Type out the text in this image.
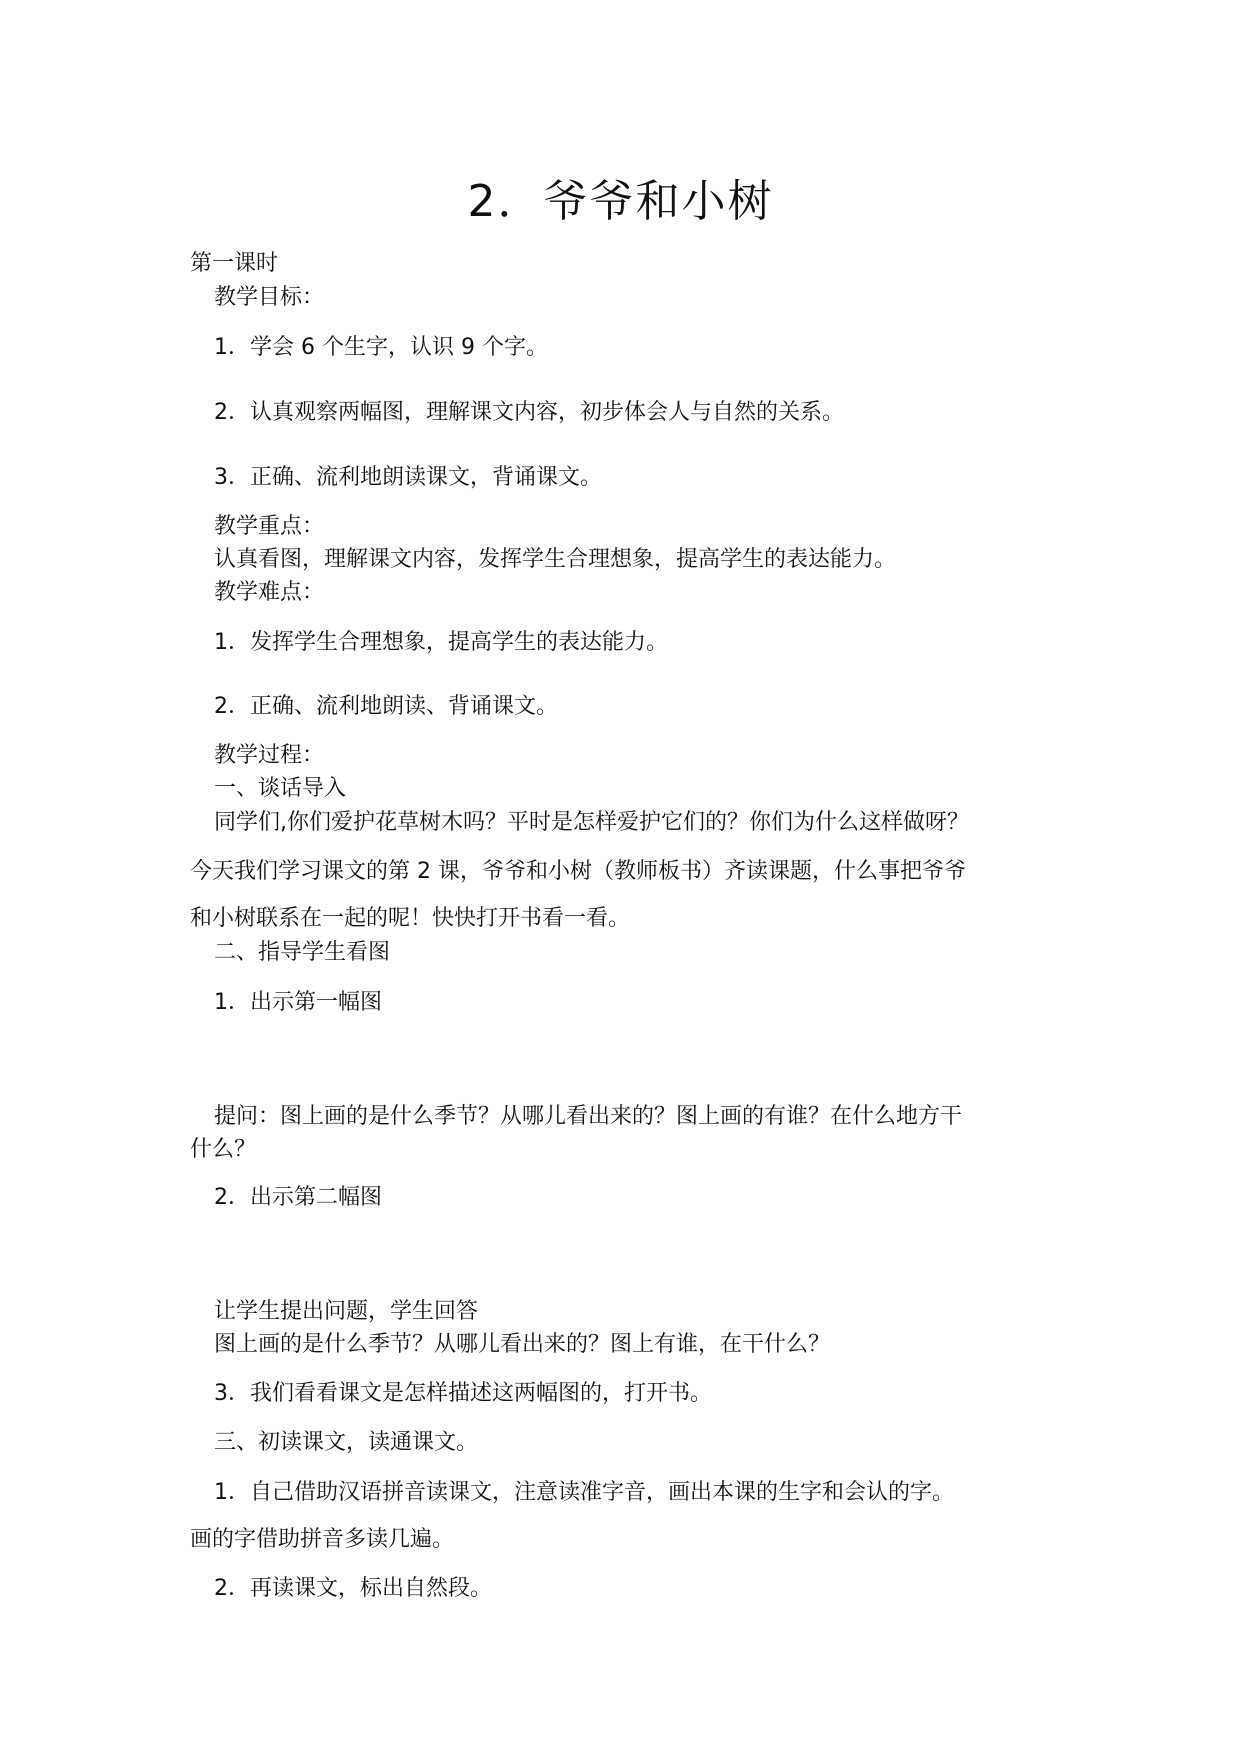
2．爷爷和小树
第一课时
教学目标：
1．学会 6 个生字，认识 9 个字。
2．认真观察两幅图，理解课文内容，初步体会人与自然的关系。
3．正确、流利地朗读课文，背诵课文。
教学重点：
认真看图，理解课文内容，发挥学生合理想象，提高学生的表达能力。
教学难点：
1．发挥学生合理想象，提高学生的表达能力。
2．正确、流利地朗读、背诵课文。
教学过程：
一、谈话导入
同学们,你们爱护花草树木吗？平时是怎样爱护它们的？你们为什么这样做呀？
今天我们学习课文的第 2 课，爷爷和小树（教师板书）齐读课题，什么事把爷爷
和小树联系在一起的呢！快快打开书看一看。
二、指导学生看图
1．出示第一幅图
提问：图上画的是什么季节？从哪儿看出来的？图上画的有谁？在什么地方干
什么？
2．出示第二幅图
让学生提出问题，学生回答
图上画的是什么季节？从哪儿看出来的？图上有谁，在干什么？
3．我们看看课文是怎样描述这两幅图的，打开书。
三、初读课文，读通课文。
1．自己借助汉语拼音读课文，注意读准字音，画出本课的生字和会认的字。
画的字借助拼音多读几遍。
2．再读课文，标出自然段。
